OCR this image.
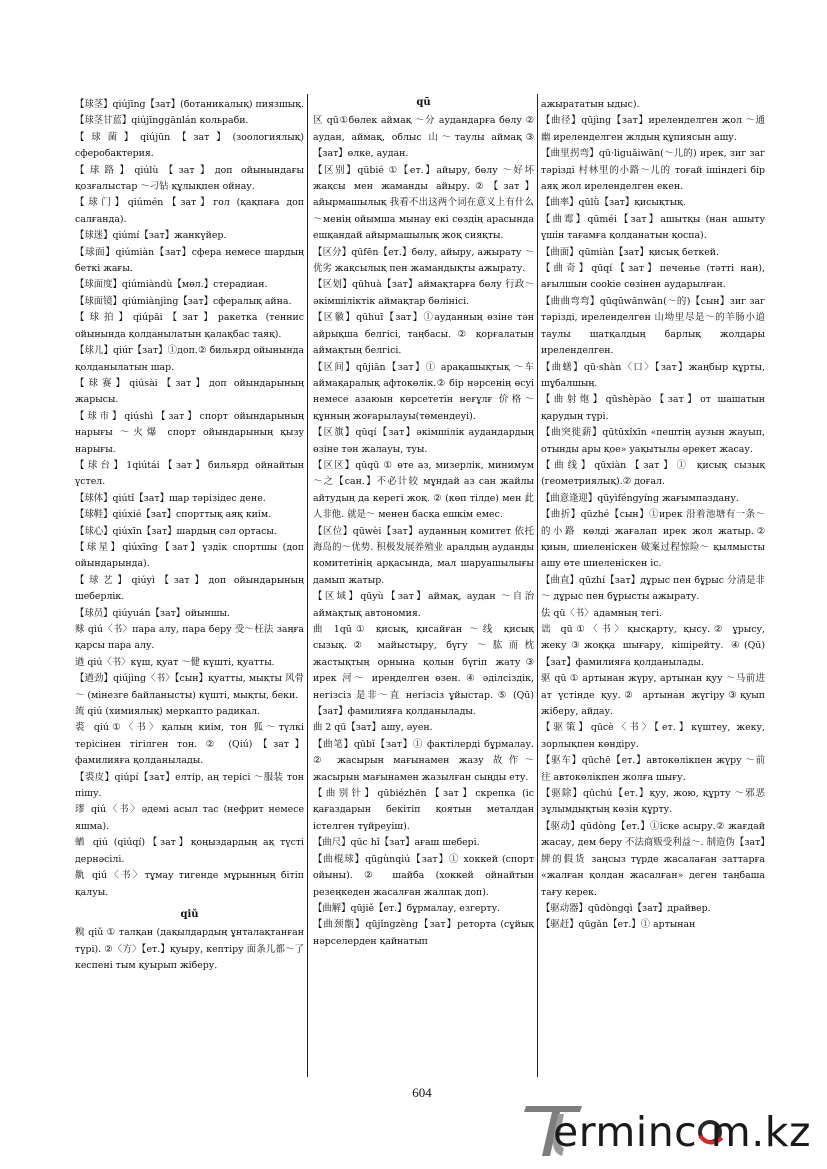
【球茎】qiújīng【зат】(ботаникалық) пиязшық.

【球茎甘蓝】qiújīnggānlán кольраби.

【球菌】qiújūn【зат】(зоологиялық) сферобактерия.

【球路】qiúlù【зат】доп ойынындағы қозғалыстар ～刁钻 құлықпен ойнау.

【球门】qiúmén【зат】гол (қақпаға доп салғанда).

【球迷】qiúmí【зат】жанкүйер.

【球面】qiúmiàn【зат】сфера немесе шардың беткі жағы.

【球面度】qiúmiàndù【мөл.】стерадиан.

【球面镜】qiúmiànjìng【зат】сфералық айна.

【球拍】qiúpāi【зат】ракетка (теннис ойынында қолданылатын қалақбас таяқ).

【球儿】qiúr【зат】①доп.② бильярд ойынында қолданылатын шар.

【球赛】qiúsài【зат】доп ойындарының жарысы.

【球市】qiúshì【зат】спорт ойындарының нарығы ～火爆 спорт ойындарының қызу нарығы.

【球台】1qiútái【зат】бильярд ойнайтын үстел.

【球体】qiútǐ【зат】шар тәрізідес дене.

【球鞋】qiúxié【зат】спорттық аяқ киім.

【球心】qiúxīn【зат】шардың сәл ортасы.

【球星】qiúxīng【зат】үздік спортшы (доп ойындарында).

【球艺】qiúyì【зат】доп ойындарының шеберлік.

【球员】qiúyuán【зат】ойыншы.

赇 qiú〈书〉пара алу, пара беру 受～枉法 заңға қарсы пара алу.

遒 qiú〈书〉күш, қуат ～健 күшті, қуатты.

【遒劲】qiújìng〈书〉【сын】қуатты, мықты 风骨～ (мінезге байланысты) күшті, мықты, беки.

巯 qiú (химиялық) меркапто радикал.

裘 qiú①〈书〉қалың киім, тон 狐～түлкі терісінен тігілген тон. ② (Qiú)【зат】фамилияға қолданылады.

【裘皮】qiúpí【зат】елтір, аң терісі ～服装 тон пішу.

璆 qiú〈书〉әдемі асыл тас (нефрит немесе яшма).

蝤 qiú (qiúqí)【зат】қоңыздардың ақ түсті дернәсілі.

鼽 qiú〈书〉тұмау тигенде мұрынның бітіп қалуы.

qiǔ

糗 qiǔ ① талқан (дақылдардың ұнталақтанған түрі). ②〈方〉【ет.】қуыру, кептіру 面条儿都～了 кеспені тым қуырып жіберу.

qū

区 qū①бөлек аймақ ～分 аудандарға бөлу ② аудан, аймақ, облыс 山～таулы аймақ③【зат】өлке, аудан.

【区别】qūbié ①【ет.】айыру, бөлу ～好坏 жақсы мен жаманды айыру.②【зат】айырмашылық 我看不出这两个词在意义上有什么～менің ойымша мынау екі сөздің арасында ешқандай айырмашылық жоқ сияқты.

【区分】qūfēn【ет.】бөлу, айыру, ажырату ～优劣 жақсылық пен жамандықты ажырату.

【区划】qūhuà【зат】аймақтарға бөлу 行政～ әкімшіліктік аймақтар бөлінісі.

【区徽】qūhuī【зат】①ауданның өзіне тән айрықша белгісі, таңбасы. ② қорғалатын аймақтың белгісі.

【区间】qūjiān【зат】① арақашықтық ～车 аймақаралық афтокөлік.② бір нәрсенің өсуі немесе азаюын көрсететін неғұлғ 价格～құнның жоғарылауы(төмендеуі).

【区旗】qūqí【зат】әкімшілік аудандардың өзіне тән жалауы, туы.

【区区】qūqū ① өте аз, мизерлік, минимум ～之【сан.】不必计较 мұндай аз сан жайлы айтудың да керегі жоқ. ② (көп тілде) мен 此人非他. 就是～ менен басқа ешкім емес.

【区位】qūwèi【зат】ауданның комитет 依托海岛的～优势. 积极发展养殖业 аралдың ауданды комитетінің арқасында, мал шаруашылығы дамып жатыр.

【区域】qūyù【зат】аймақ, аудан ～自治 аймақтық автономия.

曲 1qū① қисық, қисайған ～线 қисық сызық.② майыстыру, бүгу ～肱而枕 жастықтың орнына қолын бүгіп жату③ ирек 河～ иреңделген өзен. ④ әділсіздік, негізсіз 是非～直 негізсіз ұйыстар. ⑤ (Qū)【зат】фамилияға қолданылады.

曲 2 qū【зат】ашу, әуен.

【曲笔】qūbǐ【зат】① фактілерді бұрмалау. ② жасырын мағынамен жазу 故作～жасырын мағынамен жазылған сыңды ету.

【曲别针】qūbiézhēn【зат】скрепка (іс қағаздарын бекітіп қоятын металдан істелген түйреуіш).

【曲尺】qūc hǐ【зат】ағаш шебері.

【曲棍球】qūgùnqiú【зат】① хоккей (спорт ойыны). ② шайба (хоккей ойнайтын резеңкеден жасалған жалпақ доп).

【曲解】qūjiě【ет.】бұрмалау, езгерту.

【曲颈甑】qūjǐngzèng【зат】реторта (сұйық нәрселерден қайнатып

ажырататын ыдыс).

【曲径】qūjìng【зат】иреленделген жол ～通幽 иреленделген жлдың құпиясын ашу.

【曲里拐弯】qū·liguǎiwān(～儿的) ирек, зиг заг тәрізді 村林里的小路～儿的 тоғай ішіндегі бір аяқ жол иреленделген екен.

【曲率】qūlǜ【зат】қисықтық.

【曲霉】qūméi【зат】ашытқы (нан ашыту үшін тағамға қолданатын қоспа).

【曲面】qūmiàn【зат】қисық беткей.

【曲奇】qūqí【зат】печенье (тәтті нан), ағылшын cookie сөзінен аударылған.

【曲曲弯弯】qūqūwānwān(～的)【сын】зиг заг тәрізді, иреленделген 山坳里尽是～的羊肠小道 таулы шатқалдың барлық жолдары иреленделген.

【曲蟮】qū·shàn〈口〉【зат】жаңбыр құрты, шұбалшың.

【曲射炮】qūshèpào【зат】от шашатын қарудың түрі.

【曲突徙薪】qūtūxǐxīn «пештің аузын жауып, отынды ары қое» уақытылы әрекет жасау.

【曲线】qūxiàn【зат】① қисық сызық (геометриялық).② доғал.

【曲意逢迎】qūyìféngyíng жағымпаздану.

【曲折】qūzhé【сын】①ирек 沿着池塘有一条～的小路 көлді жағалап ирек жол жатыр.② қиын, шиеленіскен 破案过程惊险～ қылмысты ашу өте шиеленіскен іс.

【曲直】qūzhí【зат】дұрыс пен бұрыс 分清是非～ дұрыс пен бұрысты ажырату.

佉 qū〈书〉адамның тегі.

诎 qū①〈书〉қысқарту, қысу.② ұрысу, жеку③жоққа шығару, кішірейту. ④(Qū)【зат】фамилияға қолданылады.

驱 qū ① артынан жүру, артынан қуу ～马前进 ат үстінде қуу.② артынан жүгіру③қуып жіберу, айдау.

【驱策】qūcè〈书〉【ет.】күштеу, жеку, зорлықпен көндіру.

【驱车】qūchē【ет.】автокөлікпен жүру ～前往 автокөлікпен жолға шығу.

【驱除】qūchú【ет.】қуу, жою, құрту ～邪恶 зұлымдықтың көзін құрту.

【驱动】qūdòng【ет.】①іске асыру.② жағдай жасау, дем беру 不法商贩受利益～. 制造伪【зат】牌的假货 заңсыз түрде жасалаған заттарға «жалған қолдан жасалған» деген таңбаша тағу керек.

【驱动器】qūdòngqì【зат】драйвер.

【驱赶】qūgǎn【ет.】① артынан

604
erminc m.kz
